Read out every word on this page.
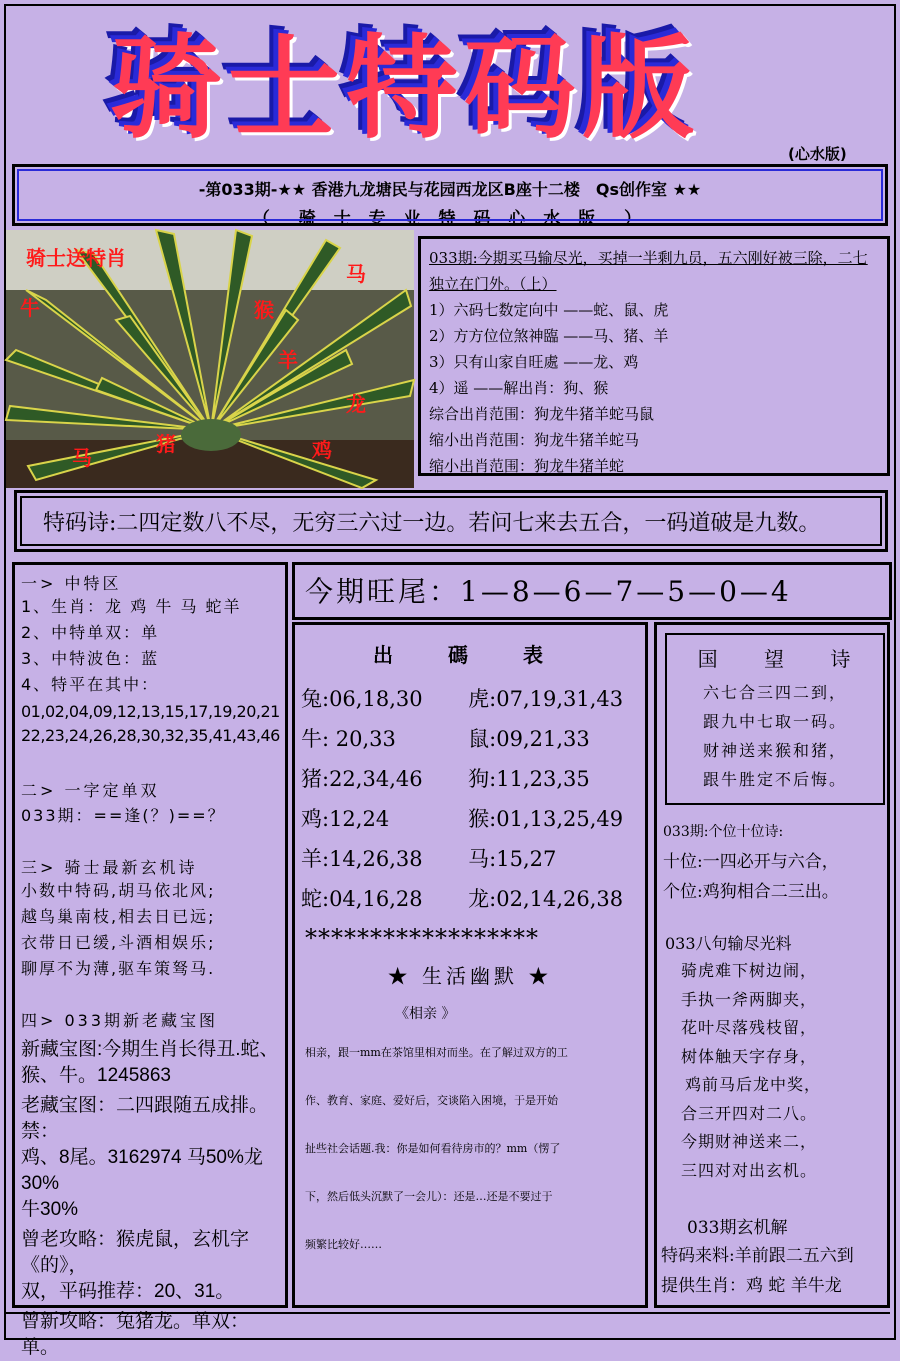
骑士特码版	(心水版)
-第033期-★★ 香港九龙塘民与花园西龙区B座十二楼　Qs创作室 ★★
（　骑 士 专 业 特 码 心 水 版　）
骑士送特肖
马
牛	猴
羊
龙
鸡
马
猪
033期:今期买马输尽光，买掉一半剩九员，五六刚好被三除，二七独立在门外。（上）
1）六码七数定向中 ——蛇、鼠、虎
2）方方位位煞神臨 ——马、猪、羊
3）只有山家自旺處 ——龙、鸡
4）遥 ——解出肖：狗、猴
综合出肖范围：狗龙牛猪羊蛇马鼠
缩小出肖范围：狗龙牛猪羊蛇马
缩小出肖范围：狗龙牛猪羊蛇
特码诗:二四定数八不尽，无穷三六过一边。若问七来去五合，一码道破是九数。
一> 中特区
1、生肖：龙 鸡 牛 马 蛇羊
2、中特单双：单
3、中特波色：蓝
4、特平在其中：
01,02,04,09,12,13,15,17,19,20,21
22,23,24,26,28,30,32,35,41,43,46
二> 一字定单双
033期：==逢(？)==？
三> 骑士最新玄机诗
小数中特码,胡马依北风;
越鸟巢南枝,相去日已远;
衣带日已缓,斗酒相娱乐;
聊厚不为薄,驱车策驽马.
四> 033期新老藏宝图
新藏宝图:今期生肖长得丑.蛇、
猴、牛。1245863
老藏宝图：二四跟随五成排。禁：
鸡、8尾。3162974 马50%龙30%
牛30%
曾老攻略：猴虎鼠，玄机字《的》，
双，平码推荐：20、31。
曾新攻略：兔猪龙。单双：
单。
今期旺尾：1—8—6—7—5—0—4
出 碼 表
兔:06,18,30	虎:07,19,31,43
牛: 20,33	鼠:09,21,33
猪:22,34,46	狗:11,23,35
鸡:12,24	猴:01,13,25,49
羊:14,26,38	马:15,27
蛇:04,16,28	龙:02,14,26,38
******************
★ 生活幽默 ★
《相亲 》
相亲，跟一mm在茶馆里相对而坐。在了解过双方的工
作、教育、家庭、爱好后，交谈陷入困境，于是开始
扯些社会话题.我：你是如何看待房市的？mm（愣了
下，然后低头沉默了一会儿）：还是…还是不要过于
频繁比较好……
国 望 诗
六七合三四二到，
跟九中七取一码。
财神送来猴和猪，
跟牛胜定不后悔。
033期:个位十位诗:
十位:一四必开与六合，
个位:鸡狗相合二三出。
033八句输尽光料
骑虎难下树边闹，
手执一斧两脚夹，
花叶尽落残枝留，
树体触天字存身，
鸡前马后龙中奖，
合三开四对二八。
今期财神送来二，
三四对对出玄机。
033期玄机解
特码来料:羊前跟二五六到
提供生肖：鸡 蛇 羊牛龙
